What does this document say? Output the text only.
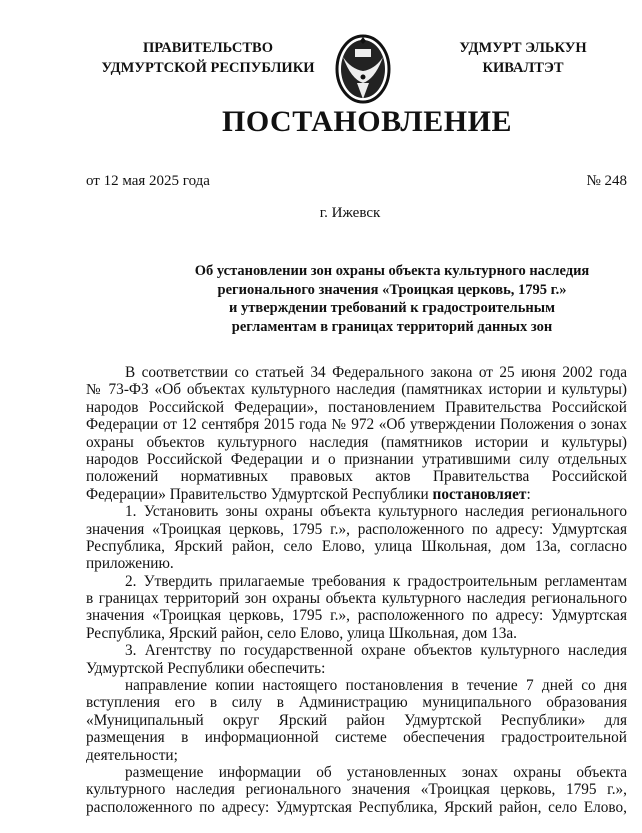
ПРАВИТЕЛЬСТВО
УДМУРТСКОЙ РЕСПУБЛИКИ
УДМУРТ ЭЛЬКУН
КИВАЛТЭТ
ПОСТАНОВЛЕНИЕ
от 12 мая 2025 года	№ 248
г. Ижевск
Об установлении зон охраны объекта культурного наследия
регионального значения «Троицкая церковь, 1795 г.»
и утверждении требований к градостроительным
регламентам в границах территорий данных зон
В соответствии со статьей 34 Федерального закона от 25 июня 2002 года
№ 73-ФЗ «Об объектах культурного наследия (памятниках истории и культуры)
народов Российской Федерации», постановлением Правительства Российской
Федерации от 12 сентября 2015 года № 972 «Об утверждении Положения о зонах
охраны объектов культурного наследия (памятников истории и культуры)
народов Российской Федерации и о признании утратившими силу отдельных
положений нормативных правовых актов Правительства Российской
Федерации» Правительство Удмуртской Республики постановляет:
1. Установить зоны охраны объекта культурного наследия регионального
значения «Троицкая церковь, 1795 г.», расположенного по адресу: Удмуртская
Республика, Ярский район, село Елово, улица Школьная, дом 13а, согласно
приложению.
2. Утвердить прилагаемые требования к градостроительным регламентам
в границах территорий зон охраны объекта культурного наследия регионального
значения «Троицкая церковь, 1795 г.», расположенного по адресу: Удмуртская
Республика, Ярский район, село Елово, улица Школьная, дом 13а.
3. Агентству по государственной охране объектов культурного наследия
Удмуртской Республики обеспечить:
направление копии настоящего постановления в течение 7 дней со дня
вступления его в силу в Администрацию муниципального образования
«Муниципальный округ Ярский район Удмуртской Республики» для
размещения в информационной системе обеспечения градостроительной
деятельности;
размещение информации об установленных зонах охраны объекта
культурного наследия регионального значения «Троицкая церковь, 1795 г.»,
расположенного по адресу: Удмуртская Республика, Ярский район, село Елово,
